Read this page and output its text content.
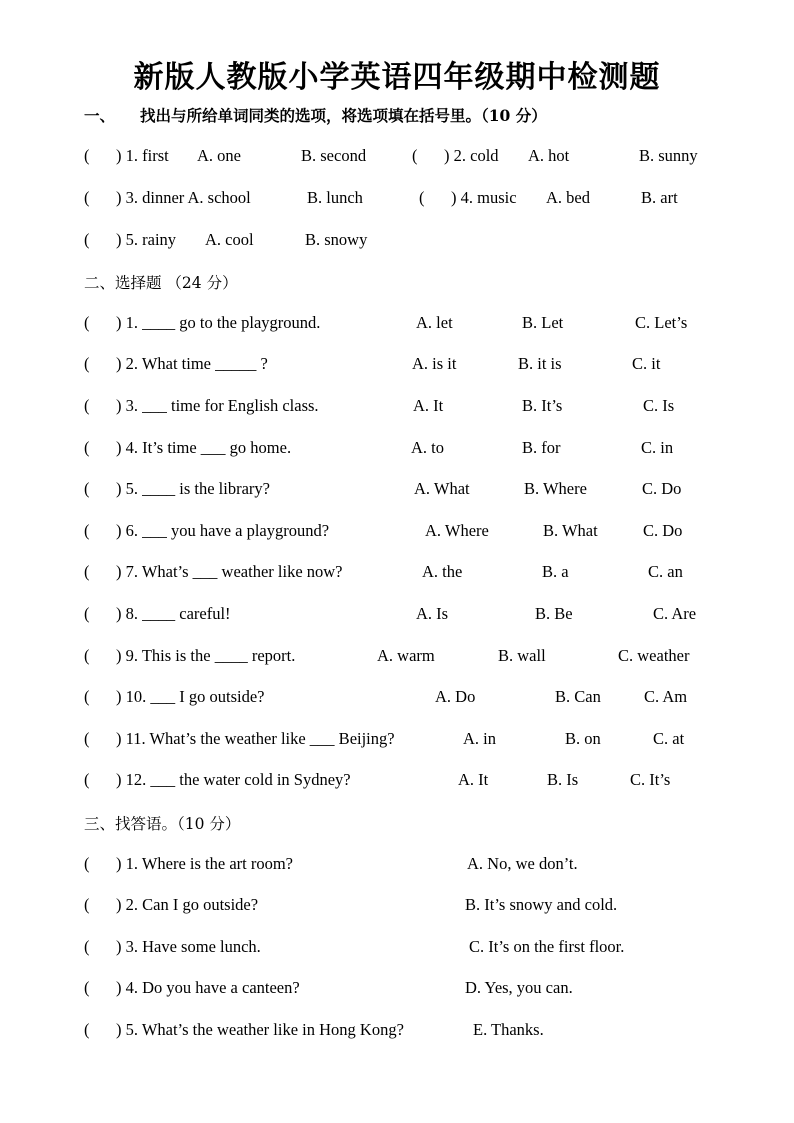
新版人教版小学英语四年级期中检测题
一、 找出与所给单词同类的选项，将选项填在括号里。（10 分）
( ) 1. first A. one	B. second	( ) 2. cold A. hot	B. sunny
( ) 3. dinner A. school	B. lunch	( ) 4. music A. bed	B. art
( ) 5. rainy A. cool	B. snowy
二、选择题 （24 分）
( ) 1. ____ go to the playground.	A. let	B. Let	C. Let’s
( ) 2. What time _____ ?	A. is it	B. it is	C. it
( ) 3. ___ time for English class.	A. It	B. It’s	C. Is
( ) 4. It’s time ___ go home.	A. to	B. for	C. in
( ) 5. ____ is the library?	A. What	B. Where	C. Do
( ) 6. ___ you have a playground?	A. Where	B. What	C. Do
( ) 7. What’s ___ weather like now?	A. the	B. a	C. an
( ) 8. ____ careful!	A. Is	B. Be	C. Are
( ) 9. This is the ____ report.	A. warm	B. wall	C. weather
( ) 10. ___ I go outside?	A. Do	B. Can	C. Am
( ) 11. What’s the weather like ___ Beijing?	A. in	B. on	C. at
( ) 12. ___ the water cold in Sydney?	A. It	B. Is	C. It’s
三、找答语。（10 分）
( ) 1. Where is the art room?	A. No, we don’t.
( ) 2. Can I go outside?	B. It’s snowy and cold.
( ) 3. Have some lunch.	C. It’s on the first floor.
( ) 4. Do you have a canteen?	D. Yes, you can.
( ) 5. What’s the weather like in Hong Kong?	E. Thanks.
